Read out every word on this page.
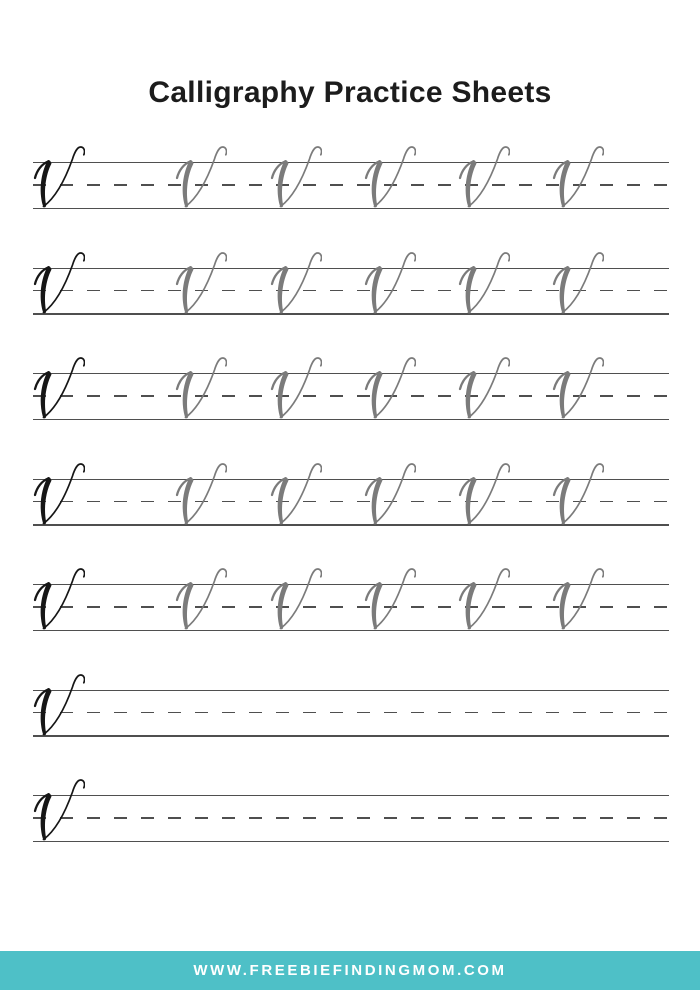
Calligraphy Practice Sheets
WWW.FREEBIEFINDINGMOM.COM
